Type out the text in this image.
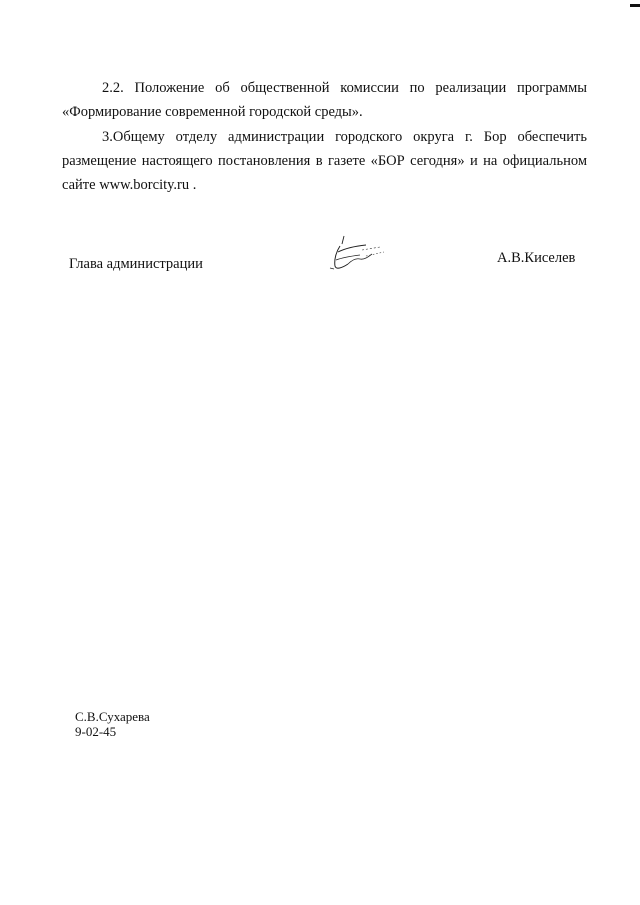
2.2. Положение об общественной комиссии по реализации программы
«Формирование современной городской среды».
3.Общему отделу администрации городского округа г. Бор обеспечить
размещение настоящего постановления в газете «БОР сегодня» и на официальном
сайте www.borcity.ru .
Глава администрации	А.В.Киселев
С.В.Сухарева
9-02-45
